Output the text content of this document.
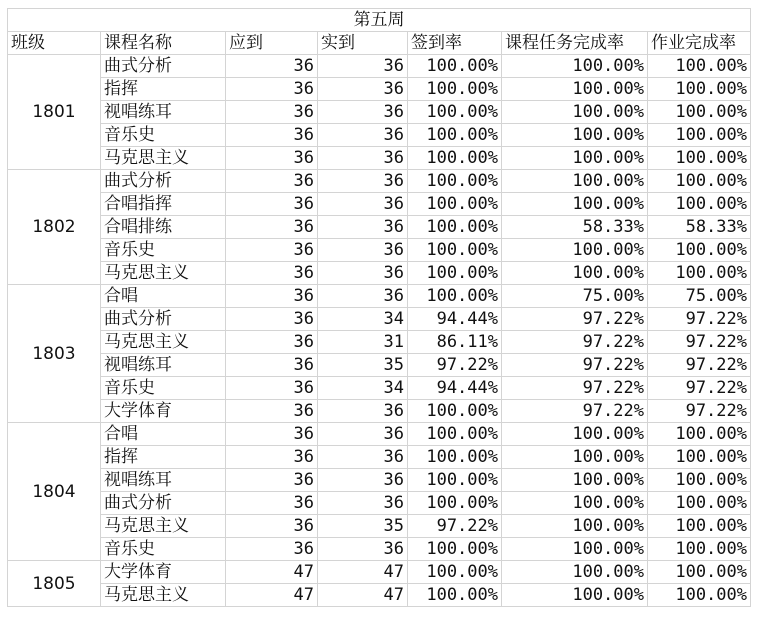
第五周						
班级	课程名称	应到	实到	签到率	课程任务完成率	作业完成率
1801	曲式分析	36	36	100.00%	100.00%	100.00%
	指挥	36	36	100.00%	100.00%	100.00%
	视唱练耳	36	36	100.00%	100.00%	100.00%
	音乐史	36	36	100.00%	100.00%	100.00%
	马克思主义	36	36	100.00%	100.00%	100.00%
1802	曲式分析	36	36	100.00%	100.00%	100.00%
	合唱指挥	36	36	100.00%	100.00%	100.00%
	合唱排练	36	36	100.00%	58.33%	58.33%
	音乐史	36	36	100.00%	100.00%	100.00%
	马克思主义	36	36	100.00%	100.00%	100.00%
1803	合唱	36	36	100.00%	75.00%	75.00%
	曲式分析	36	34	94.44%	97.22%	97.22%
	马克思主义	36	31	86.11%	97.22%	97.22%
	视唱练耳	36	35	97.22%	97.22%	97.22%
	音乐史	36	34	94.44%	97.22%	97.22%
	大学体育	36	36	100.00%	97.22%	97.22%
1804	合唱	36	36	100.00%	100.00%	100.00%
	指挥	36	36	100.00%	100.00%	100.00%
	视唱练耳	36	36	100.00%	100.00%	100.00%
	曲式分析	36	36	100.00%	100.00%	100.00%
	马克思主义	36	35	97.22%	100.00%	100.00%
	音乐史	36	36	100.00%	100.00%	100.00%
1805	大学体育	47	47	100.00%	100.00%	100.00%
	马克思主义	47	47	100.00%	100.00%	100.00%
